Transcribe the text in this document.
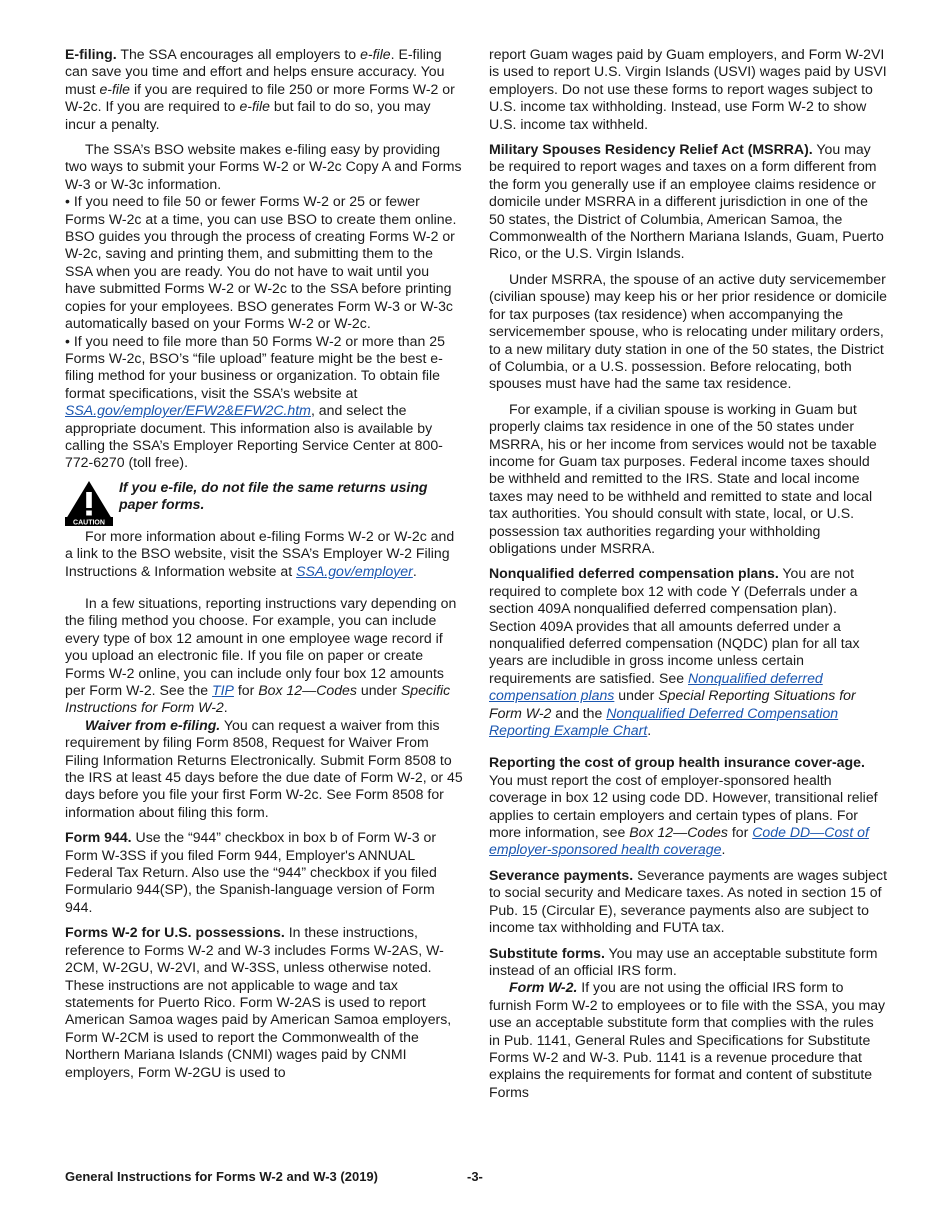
E-filing. The SSA encourages all employers to e-file. E-filing can save you time and effort and helps ensure accuracy. You must e-file if you are required to file 250 or more Forms W-2 or W-2c. If you are required to e-file but fail to do so, you may incur a penalty.

The SSA’s BSO website makes e-filing easy by providing two ways to submit your Forms W-2 or W-2c Copy A and Forms W-3 or W-3c information.

• If you need to file 50 or fewer Forms W-2 or 25 or fewer Forms W-2c at a time, you can use BSO to create them online. BSO guides you through the process of creating Forms W-2 or W-2c, saving and printing them, and submitting them to the SSA when you are ready. You do not have to wait until you have submitted Forms W-2 or W-2c to the SSA before printing copies for your employees. BSO generates Form W-3 or W-3c automatically based on your Forms W-2 or W-2c.

• If you need to file more than 50 Forms W-2 or more than 25 Forms W-2c, BSO’s “file upload” feature might be the best e-filing method for your business or organization. To obtain file format specifications, visit the SSA’s website at SSA.gov/employer/EFW2&EFW2C.htm, and select the appropriate document. This information also is available by calling the SSA’s Employer Reporting Service Center at 800-772-6270 (toll free).

CAUTION
If you e-file, do not file the same returns using paper forms.

For more information about e-filing Forms W-2 or W-2c and a link to the BSO website, visit the SSA’s Employer W-2 Filing Instructions & Information website at SSA.gov/employer.

In a few situations, reporting instructions vary depending on the filing method you choose. For example, you can include every type of box 12 amount in one employee wage record if you upload an electronic file. If you file on paper or create Forms W-2 online, you can include only four box 12 amounts per Form W-2. See the TIP for Box 12—Codes under Specific Instructions for Form W-2.

Waiver from e-filing. You can request a waiver from this requirement by filing Form 8508, Request for Waiver From Filing Information Returns Electronically. Submit Form 8508 to the IRS at least 45 days before the due date of Form W-2, or 45 days before you file your first Form W-2c. See Form 8508 for information about filing this form.

Form 944. Use the “944” checkbox in box b of Form W-3 or Form W-3SS if you filed Form 944, Employer's ANNUAL Federal Tax Return. Also use the “944” checkbox if you filed Formulario 944(SP), the Spanish-language version of Form 944.

Forms W-2 for U.S. possessions. In these instructions, reference to Forms W-2 and W-3 includes Forms W-2AS, W-2CM, W-2GU, W-2VI, and W-3SS, unless otherwise noted. These instructions are not applicable to wage and tax statements for Puerto Rico. Form W-2AS is used to report American Samoa wages paid by American Samoa employers, Form W-2CM is used to report the Commonwealth of the Northern Mariana Islands (CNMI) wages paid by CNMI employers, Form W-2GU is used to

report Guam wages paid by Guam employers, and Form W-2VI is used to report U.S. Virgin Islands (USVI) wages paid by USVI employers. Do not use these forms to report wages subject to U.S. income tax withholding. Instead, use Form W-2 to show U.S. income tax withheld.

Military Spouses Residency Relief Act (MSRRA). You may be required to report wages and taxes on a form different from the form you generally use if an employee claims residence or domicile under MSRRA in a different jurisdiction in one of the 50 states, the District of Columbia, American Samoa, the Commonwealth of the Northern Mariana Islands, Guam, Puerto Rico, or the U.S. Virgin Islands.

Under MSRRA, the spouse of an active duty servicemember (civilian spouse) may keep his or her prior residence or domicile for tax purposes (tax residence) when accompanying the servicemember spouse, who is relocating under military orders, to a new military duty station in one of the 50 states, the District of Columbia, or a U.S. possession. Before relocating, both spouses must have had the same tax residence.

For example, if a civilian spouse is working in Guam but properly claims tax residence in one of the 50 states under MSRRA, his or her income from services would not be taxable income for Guam tax purposes. Federal income taxes should be withheld and remitted to the IRS. State and local income taxes may need to be withheld and remitted to state and local tax authorities. You should consult with state, local, or U.S. possession tax authorities regarding your withholding obligations under MSRRA.

Nonqualified deferred compensation plans. You are not required to complete box 12 with code Y (Deferrals under a section 409A nonqualified deferred compensation plan). Section 409A provides that all amounts deferred under a nonqualified deferred compensation (NQDC) plan for all tax years are includible in gross income unless certain requirements are satisfied. See Nonqualified deferred compensation plans under Special Reporting Situations for Form W-2 and the Nonqualified Deferred Compensation Reporting Example Chart.

Reporting the cost of group health insurance cover-age. You must report the cost of employer-sponsored health coverage in box 12 using code DD. However, transitional relief applies to certain employers and certain types of plans. For more information, see Box 12—Codes for Code DD—Cost of employer-sponsored health coverage.

Severance payments. Severance payments are wages subject to social security and Medicare taxes. As noted in section 15 of Pub. 15 (Circular E), severance payments also are subject to income tax withholding and FUTA tax.

Substitute forms. You may use an acceptable substitute form instead of an official IRS form.

Form W-2. If you are not using the official IRS form to furnish Form W-2 to employees or to file with the SSA, you may use an acceptable substitute form that complies with the rules in Pub. 1141, General Rules and Specifications for Substitute Forms W-2 and W-3. Pub. 1141 is a revenue procedure that explains the requirements for format and content of substitute Forms

General Instructions for Forms W-2 and W-3 (2019)	-3-
